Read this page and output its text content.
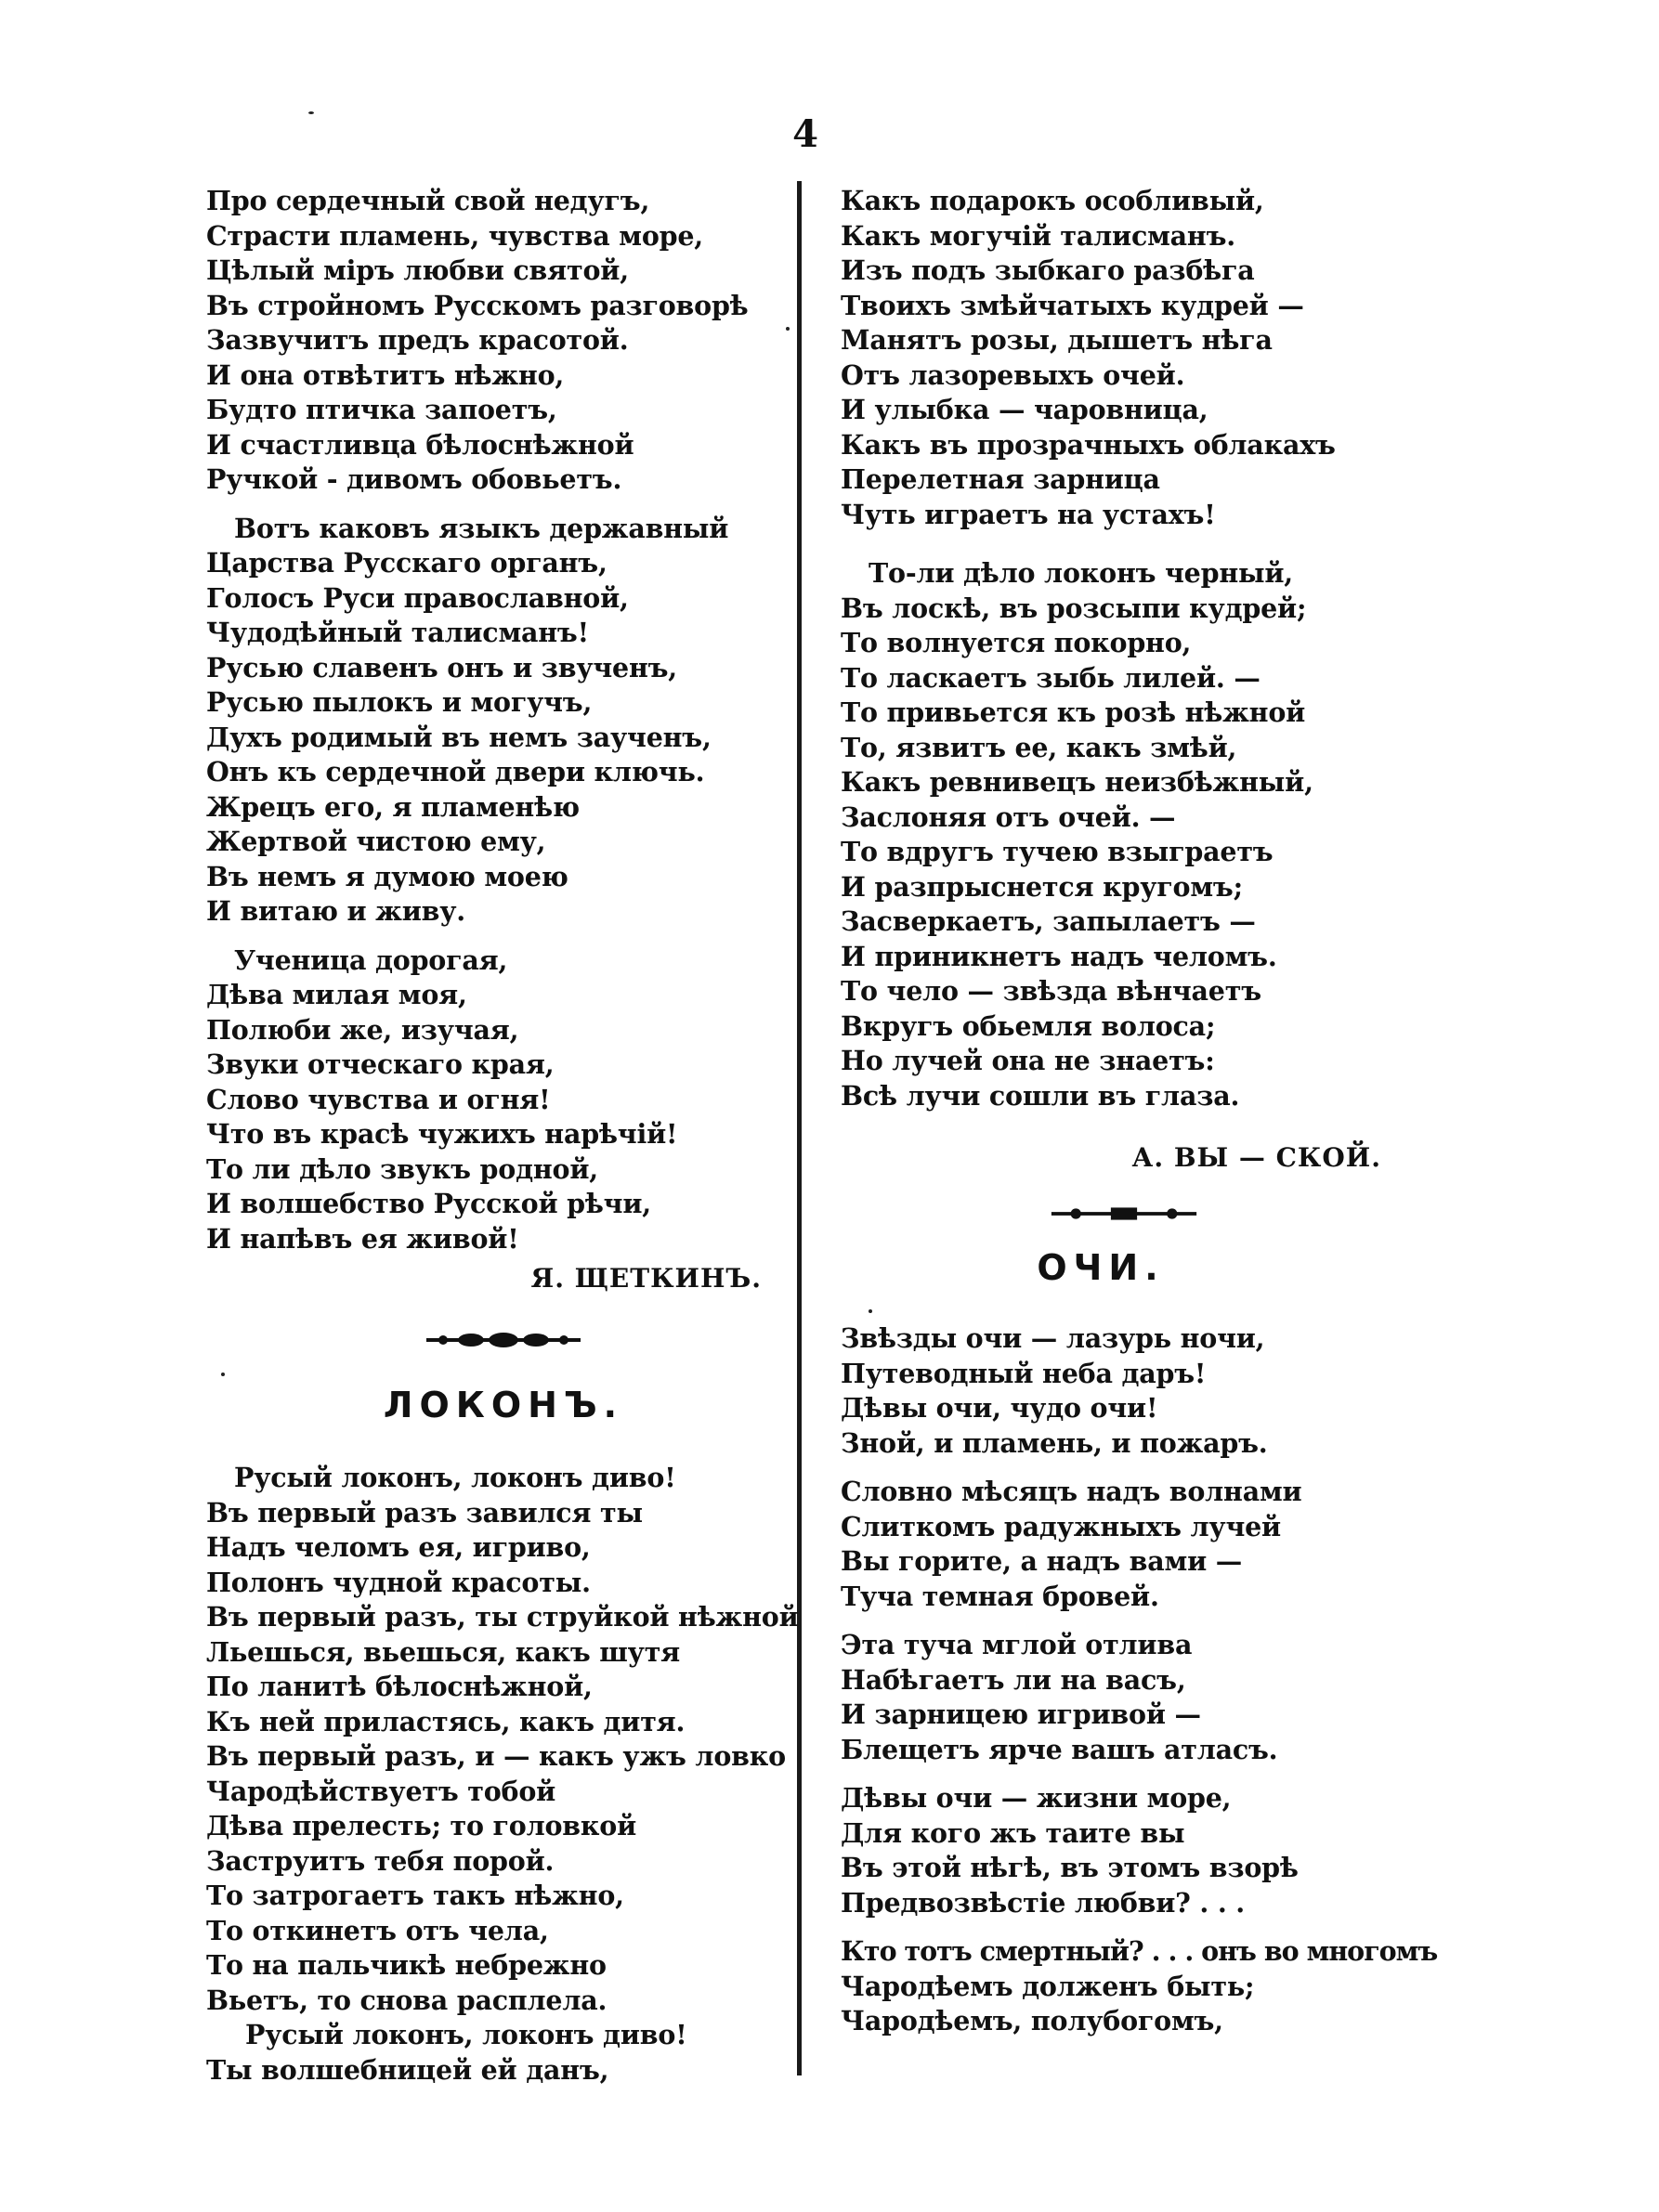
4
Про сердечный свой недугъ,
Страсти пламень, чувства море,
Цѣлый міръ любви святой,
Въ стройномъ Русскомъ разговорѣ
Зазвучитъ предъ красотой.
И она отвѣтитъ нѣжно,
Будто птичка запоетъ,
И счастливца бѣлоснѣжной
Ручкой - дивомъ обовьетъ.
Вотъ каковъ языкъ державный
Царства Русскаго органъ,
Голосъ Руси православной,
Чудодѣйный талисманъ!
Русью славенъ онъ и звученъ,
Русью пылокъ и могучъ,
Духъ родимый въ немъ заученъ,
Онъ къ сердечной двери ключь.
Жрецъ его, я пламенѣю
Жертвой чистою ему,
Въ немъ я думою моею
И витаю и живу.
Ученица дорогая,
Дѣва милая моя,
Полюби же, изучая,
Звуки отческаго края,
Слово чувства и огня!
Что въ красѣ чужихъ нарѣчій!
То ли дѣло звукъ родной,
И волшебство Русской рѣчи,
И напѣвъ ея живой!
Я. ЩЕТКИНЪ.
ЛОКОНЪ.
Русый локонъ, локонъ диво!
Въ первый разъ завился ты
Надъ челомъ ея, игриво,
Полонъ чудной красоты.
Въ первый разъ, ты струйкой нѣжной
Льешься, вьешься, какъ шутя
По ланитѣ бѣлоснѣжной,
Къ ней приластясь, какъ дитя.
Въ первый разъ, и — какъ ужъ ловко
Чародѣйствуетъ тобой
Дѣва прелесть; то головкой
Заструитъ тебя порой.
То затрогаетъ такъ нѣжно,
То откинетъ отъ чела,
То на пальчикѣ небрежно
Вьетъ, то снова расплела.
Русый локонъ, локонъ диво!
Ты волшебницей ей данъ,
Какъ подарокъ особливый,
Какъ могучій талисманъ.
Изъ подъ зыбкаго разбѣга
Твоихъ змѣйчатыхъ кудрей —
Манятъ розы, дышетъ нѣга
Отъ лазоревыхъ очей.
И улыбка — чаровница,
Какъ въ прозрачныхъ облакахъ
Перелетная зарница
Чуть играетъ на устахъ!
То-ли дѣло локонъ черный,
Въ лоскѣ, въ розсыпи кудрей;
То волнуется покорно,
То ласкаетъ зыбь лилей. —
То привьется къ розѣ нѣжной
То, язвитъ ее, какъ змѣй,
Какъ ревнивецъ неизбѣжный,
Заслоняя отъ очей. —
То вдругъ тучею взыграетъ
И разпрыснется кругомъ;
Засверкаетъ, запылаетъ —
И приникнетъ надъ челомъ.
То чело — звѣзда вѣнчаетъ
Вкругъ обьемля волоса;
Но лучей она не знаетъ:
Всѣ лучи сошли въ глаза.
А. ВЫ — СКОЙ.
ОЧИ.
Звѣзды очи — лазурь ночи,
Путеводный неба даръ!
Дѣвы очи, чудо очи!
Зной, и пламень, и пожаръ.
Словно мѣсяцъ надъ волнами
Слиткомъ радужныхъ лучей
Вы горите, а надъ вами —
Туча темная бровей.
Эта туча мглой отлива
Набѣгаетъ ли на васъ,
И зарницею игривой —
Блещетъ ярче вашъ атласъ.
Дѣвы очи — жизни море,
Для кого жъ таите вы
Въ этой нѣгѣ, въ этомъ взорѣ
Предвозвѣстіе любви? . . .
Кто тотъ смертный? . . . онъ во многомъ
Чародѣемъ долженъ быть;
Чародѣемъ, полубогомъ,
